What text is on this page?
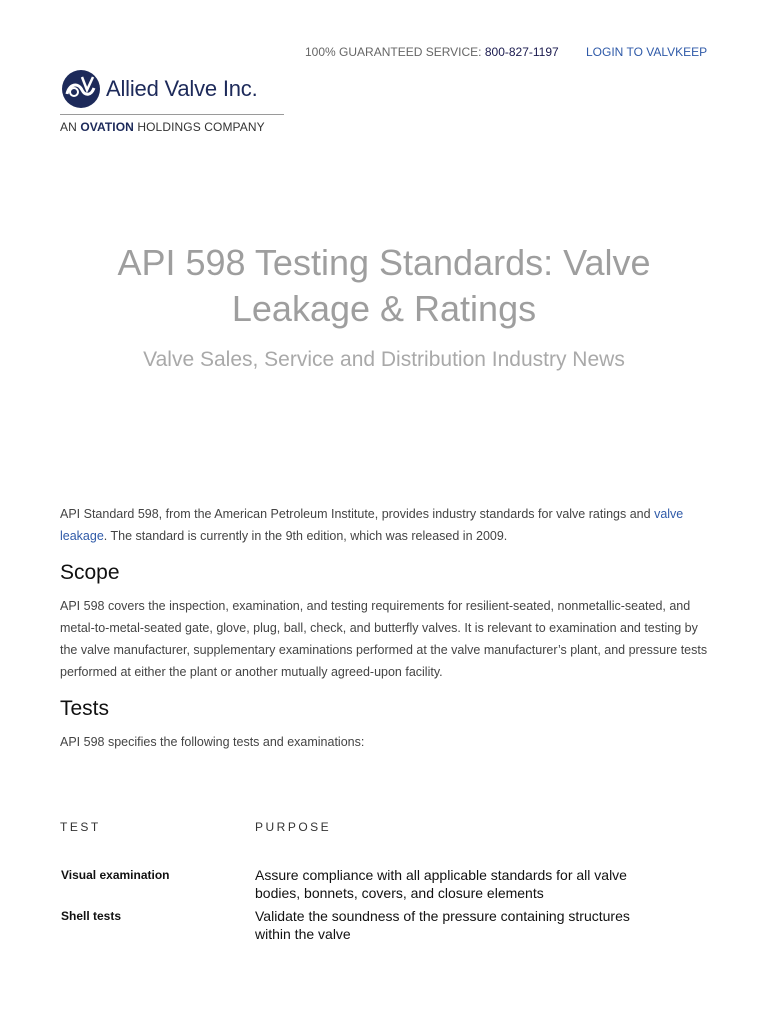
100% GUARANTEED SERVICE: 800-827-1197 LOGIN TO VALVKEEP
Allied Valve Inc.
AN OVATION HOLDINGS COMPANY
API 598 Testing Standards: Valve Leakage & Ratings
Valve Sales, Service and Distribution Industry News

API Standard 598, from the American Petroleum Institute, provides industry standards for valve ratings and valve leakage. The standard is currently in the 9th edition, which was released in 2009.

Scope

API 598 covers the inspection, examination, and testing requirements for resilient-seated, nonmetallic-seated, and metal-to-metal-seated gate, glove, plug, ball, check, and butterfly valves. It is relevant to examination and testing by the valve manufacturer, supplementary examinations performed at the valve manufacturer’s plant, and pressure tests performed at either the plant or another mutually agreed-upon facility.

Tests

API 598 specifies the following tests and examinations:

TEST	PURPOSE
Visual examination	Assure compliance with all applicable standards for all valve bodies, bonnets, covers, and closure elements
Shell tests	Validate the soundness of the pressure containing structures within the valve
